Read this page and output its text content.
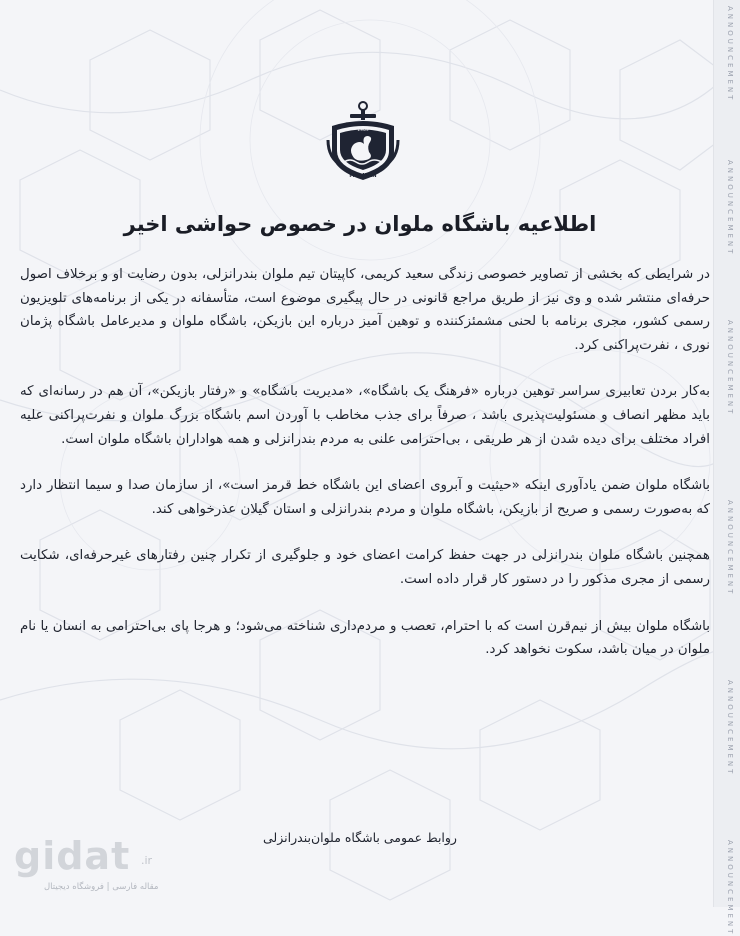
ANNOUNCEMENT
ANNOUNCEMENT
ANNOUNCEMENT
ANNOUNCEMENT
ANNOUNCEMENT
ANNOUNCEMENT
1969
MALAVAN
اطلاعیه باشگاه ملوان در خصوص حواشی اخیر

در شرایطی که بخشی از تصاویر خصوصی زندگی سعید کریمی، کاپیتان تیم ملوان بندرانزلی، بدون رضایت او و برخلاف اصول حرفه‌ای منتشر شده و وی نیز از طریق مراجع قانونی در حال پیگیری موضوع است، متأسفانه در یکی از برنامه‌های تلویزیون رسمی کشور، مجری برنامه با لحنی مشمئزکننده و توهین آمیز درباره این بازیکن، باشگاه ملوان و مدیرعامل باشگاه پژمان نوری ، نفرت‌پراکنی کرد.

به‌کار بردن تعابیری سراسر توهین درباره «فرهنگ یک باشگاه»، «مدیریت باشگاه» و «رفتار بازیکن»، آن هم در رسانه‌ای که باید مظهر انصاف و مسئولیت‌پذیری باشد ، صرفاً برای جذب مخاطب با آوردن اسم باشگاه بزرگ ملوان و نفرت‌پراکنی علیه افراد مختلف برای دیده شدن از هر طریقی ، بی‌احترامی علنی به مردم بندرانزلی و همه هواداران باشگاه ملوان است.

باشگاه ملوان ضمن یادآوری اینکه «حیثیت و آبروی اعضای این باشگاه خط قرمز است»، از سازمان صدا و سیما انتظار دارد که به‌صورت رسمی و صریح از بازیکن، باشگاه ملوان و مردم بندرانزلی و استان گیلان عذرخواهی کند.

همچنین باشگاه ملوان بندرانزلی در جهت حفظ کرامت اعضای خود و جلوگیری از تکرار چنین رفتارهای غیرحرفه‌ای، شکایت رسمی از مجری مذکور را در دستور کار قرار داده است.

باشگاه ملوان بیش از نیم‌قرن است که با احترام، تعصب و مردم‌داری شناخته می‌شود؛ و هرجا پای بی‌احترامی به انسان یا نام ملوان در میان باشد، سکوت نخواهد کرد.

روابط عمومی باشگاه ملوان‌بندرانزلی
gidat .ir
مقاله فارسی | فروشگاه دیجیتال
